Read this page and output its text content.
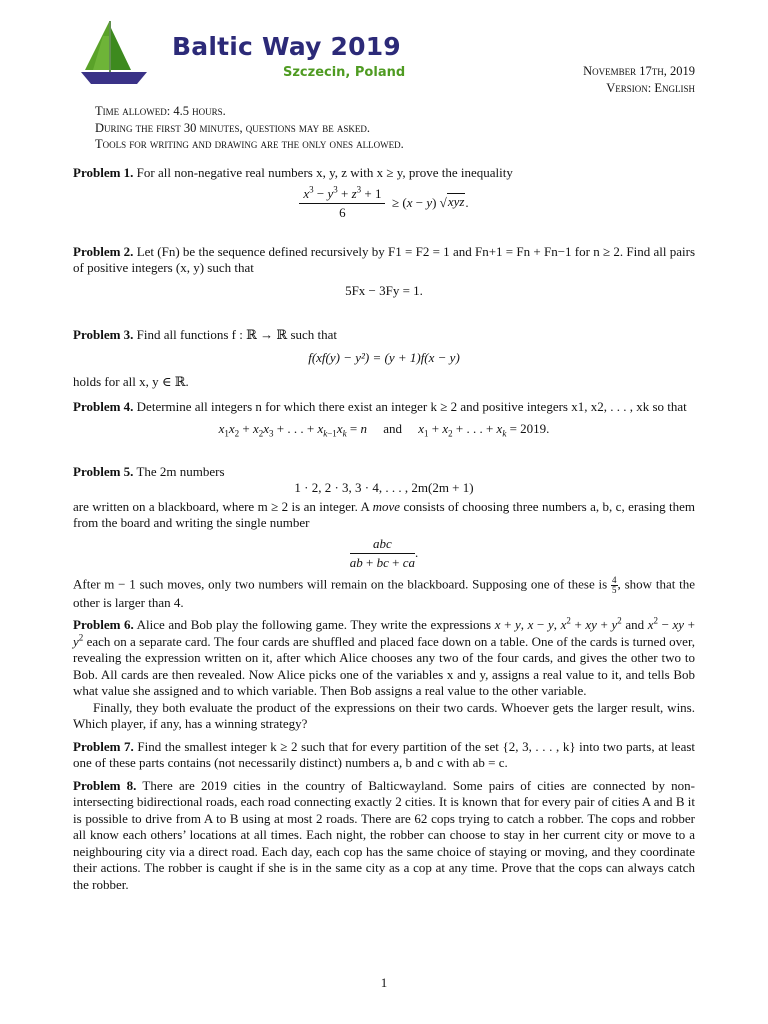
Baltic Way 2019
Szczecin, Poland	November 17th, 2019
Version: English
Time allowed: 4.5 hours.
During the first 30 minutes, questions may be asked.
Tools for writing and drawing are the only ones allowed.

Problem 1. For all non-negative real numbers x, y, z with x ≥ y, prove the inequality

$\frac{x^3 - y^3 + z^3 + 1}{6} \ge (x - y)$ √xyz.

Problem 2. Let (Fn) be the sequence defined recursively by F1 = F2 = 1 and Fn+1 = Fn + Fn−1 for n ≥ 2. Find all pairs of positive integers (x, y) such that

5Fx − 3Fy = 1.

Problem 3. Find all functions f : ℝ → ℝ such that

f(xf(y) − y²) = (y + 1)f(x − y)

holds for all x, y ∈ ℝ.

Problem 4. Determine all integers n for which there exist an integer k ≥ 2 and positive integers x1, x2, . . . , xk so that

$x_1x_2 + x_2x_3$ + . . . + $x_{k-1}x_k = n$ and $x_1 + x_2$ + . . . + $x_k = 2019$.

Problem 5. The 2m numbers

1 · 2, 2 · 3, 3 · 4, . . . , 2m(2m + 1)

are written on a blackboard, where m ≥ 2 is an integer. A move consists of choosing three numbers a, b, c, erasing them from the board and writing the single number

$\frac{\text{abc}}{ab + bc + ca}$ .

After m − 1 such moves, only two numbers will remain on the blackboard. Supposing one of these is $\frac{4}{5}$ , show that the other is larger than 4.

Problem 6. Alice and Bob play the following game. They write the expressions x + y, x − y, $x^2$ + xy + $y^2$ and $x^2$ − xy + $y^2$ each on a separate card. The four cards are shuffled and placed face down on a table. One of the cards is turned over, revealing the expression written on it, after which Alice chooses any two of the four cards, and gives the other two to Bob. All cards are then revealed. Now Alice picks one of the variables x and y, assigns a real value to it, and tells Bob what value she assigned and to which variable. Then Bob assigns a real value to the other variable.

Finally, they both evaluate the product of the expressions on their two cards. Whoever gets the larger result, wins. Which player, if any, has a winning strategy?

Problem 7. Find the smallest integer k ≥ 2 such that for every partition of the set {2, 3, . . . , k} into two parts, at least one of these parts contains (not necessarily distinct) numbers a, b and c with ab = c.

Problem 8. There are 2019 cities in the country of Balticwayland. Some pairs of cities are connected by non-intersecting bidirectional roads, each road connecting exactly 2 cities. It is known that for every pair of cities A and B it is possible to drive from A to B using at most 2 roads. There are 62 cops trying to catch a robber. The cops and robber all know each others’ locations at all times. Each night, the robber can choose to stay in her current city or move to a neighbouring city via a direct road. Each day, each cop has the same choice of staying or moving, and they coordinate their actions. The robber is caught if she is in the same city as a cop at any time. Prove that the cops can always catch the robber.

1
